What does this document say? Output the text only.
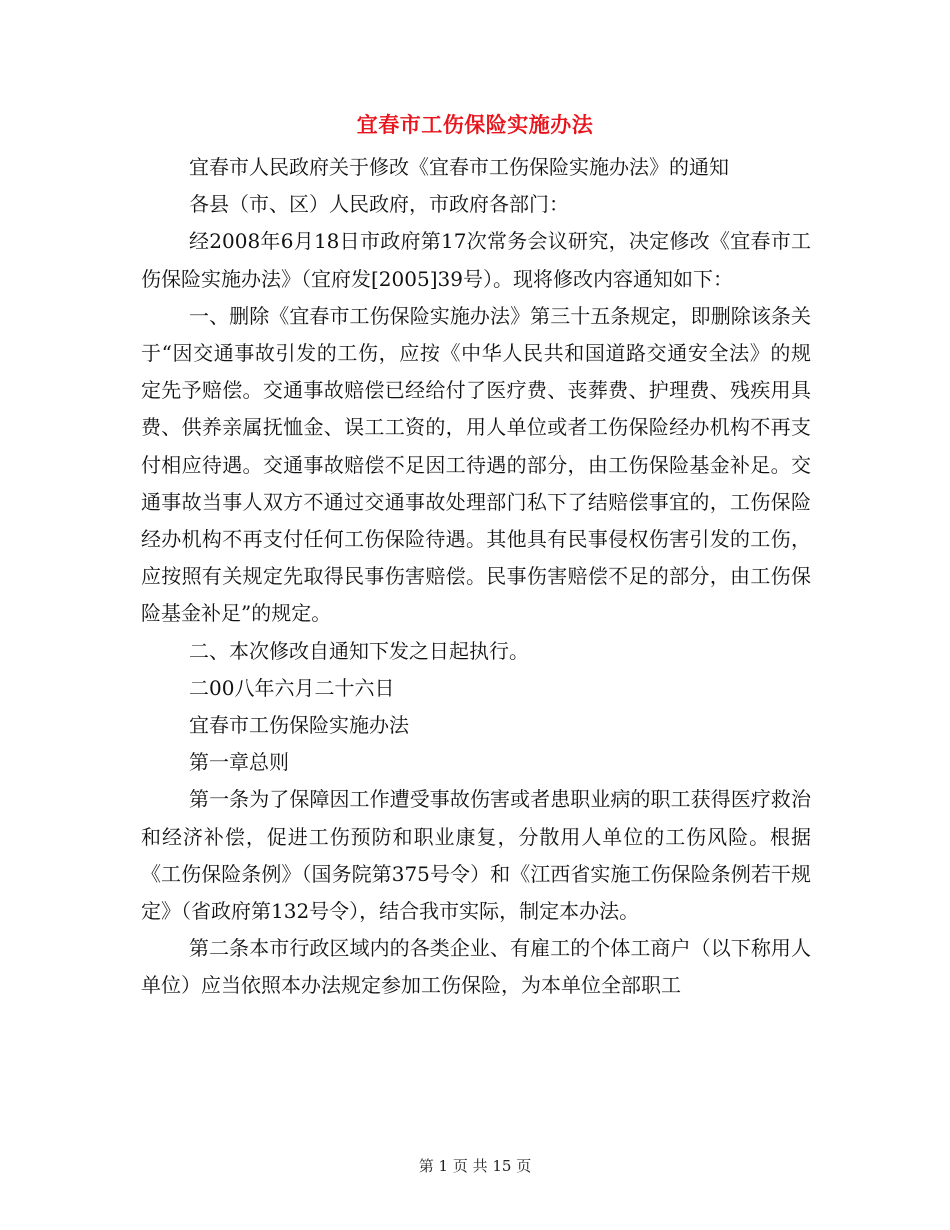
宜春市工伤保险实施办法

宜春市人民政府关于修改《宜春市工伤保险实施办法》的通知

各县（市、区）人民政府，市政府各部门：

经2008年6月18日市政府第17次常务会议研究，决定修改《宜春市工伤保险实施办法》（宜府发[2005]39号）。现将修改内容通知如下：

一、删除《宜春市工伤保险实施办法》第三十五条规定，即删除该条关于“因交通事故引发的工伤，应按《中华人民共和国道路交通安全法》的规定先予赔偿。交通事故赔偿已经给付了医疗费、丧葬费、护理费、残疾用具费、供养亲属抚恤金、误工工资的，用人单位或者工伤保险经办机构不再支付相应待遇。交通事故赔偿不足因工待遇的部分，由工伤保险基金补足。交通事故当事人双方不通过交通事故处理部门私下了结赔偿事宜的，工伤保险经办机构不再支付任何工伤保险待遇。其他具有民事侵权伤害引发的工伤，应按照有关规定先取得民事伤害赔偿。民事伤害赔偿不足的部分，由工伤保险基金补足”的规定。

二、本次修改自通知下发之日起执行。

二00八年六月二十六日

宜春市工伤保险实施办法

第一章总则

第一条为了保障因工作遭受事故伤害或者患职业病的职工获得医疗救治和经济补偿，促进工伤预防和职业康复，分散用人单位的工伤风险。根据《工伤保险条例》（国务院第375号令）和《江西省实施工伤保险条例若干规定》（省政府第132号令），结合我市实际，制定本办法。

第二条本市行政区域内的各类企业、有雇工的个体工商户（以下称用人单位）应当依照本办法规定参加工伤保险，为本单位全部职工

第 1 页 共 15 页
